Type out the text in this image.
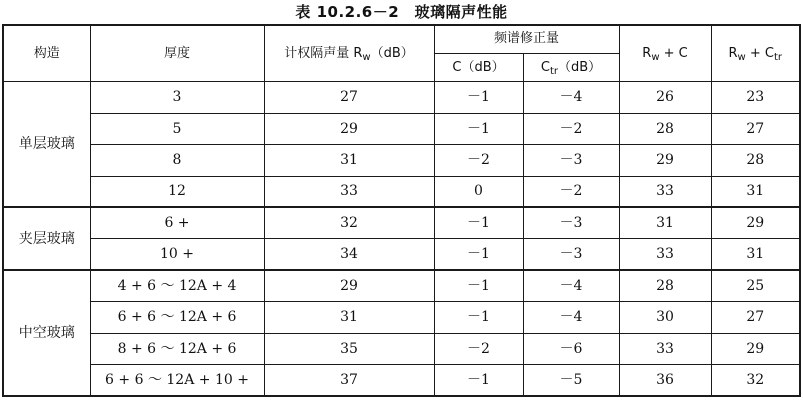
表 10.2.6－2　玻璃隔声性能
构造	厚度	计权隔声量 $R_w(dB)$	频谱修正量		$R_w + C$	$R_w + C_{tr}$
			C（dB）	$C_{tr}(dB)$		
单层玻璃	3	27	－1	－4	26	23
	5	29	－1	－2	28	27
	8	31	－2	－3	29	28
	12	33	0	－2	33	31
夹层玻璃	6 +	32	－1	－3	31	29
	10 +	34	－1	－3	33	31
中空玻璃	4 + 6 ～ 12A + 4	29	－1	－4	28	25
	6 + 6 ～ 12A + 6	31	－1	－4	30	27
	8 + 6 ～ 12A + 6	35	－2	－6	33	29
	6 + 6 ～ 12A + 10 +	37	－1	－5	36	32
